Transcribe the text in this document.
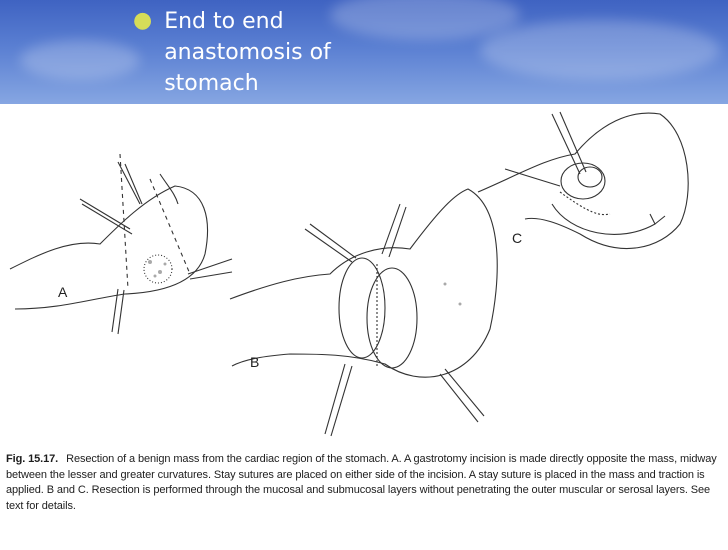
● End to end anastomosis of stomach
A
B
C
Fig. 15.17. Resection of a benign mass from the cardiac region of the stomach. A. A gastrotomy incision is made directly opposite the mass, midway between the lesser and greater curvatures. Stay sutures are placed on either side of the incision. A stay suture is placed in the mass and traction is applied. B and C. Resection is performed through the mucosal and submucosal layers without penetrating the outer muscular or serosal layers. See text for details.
